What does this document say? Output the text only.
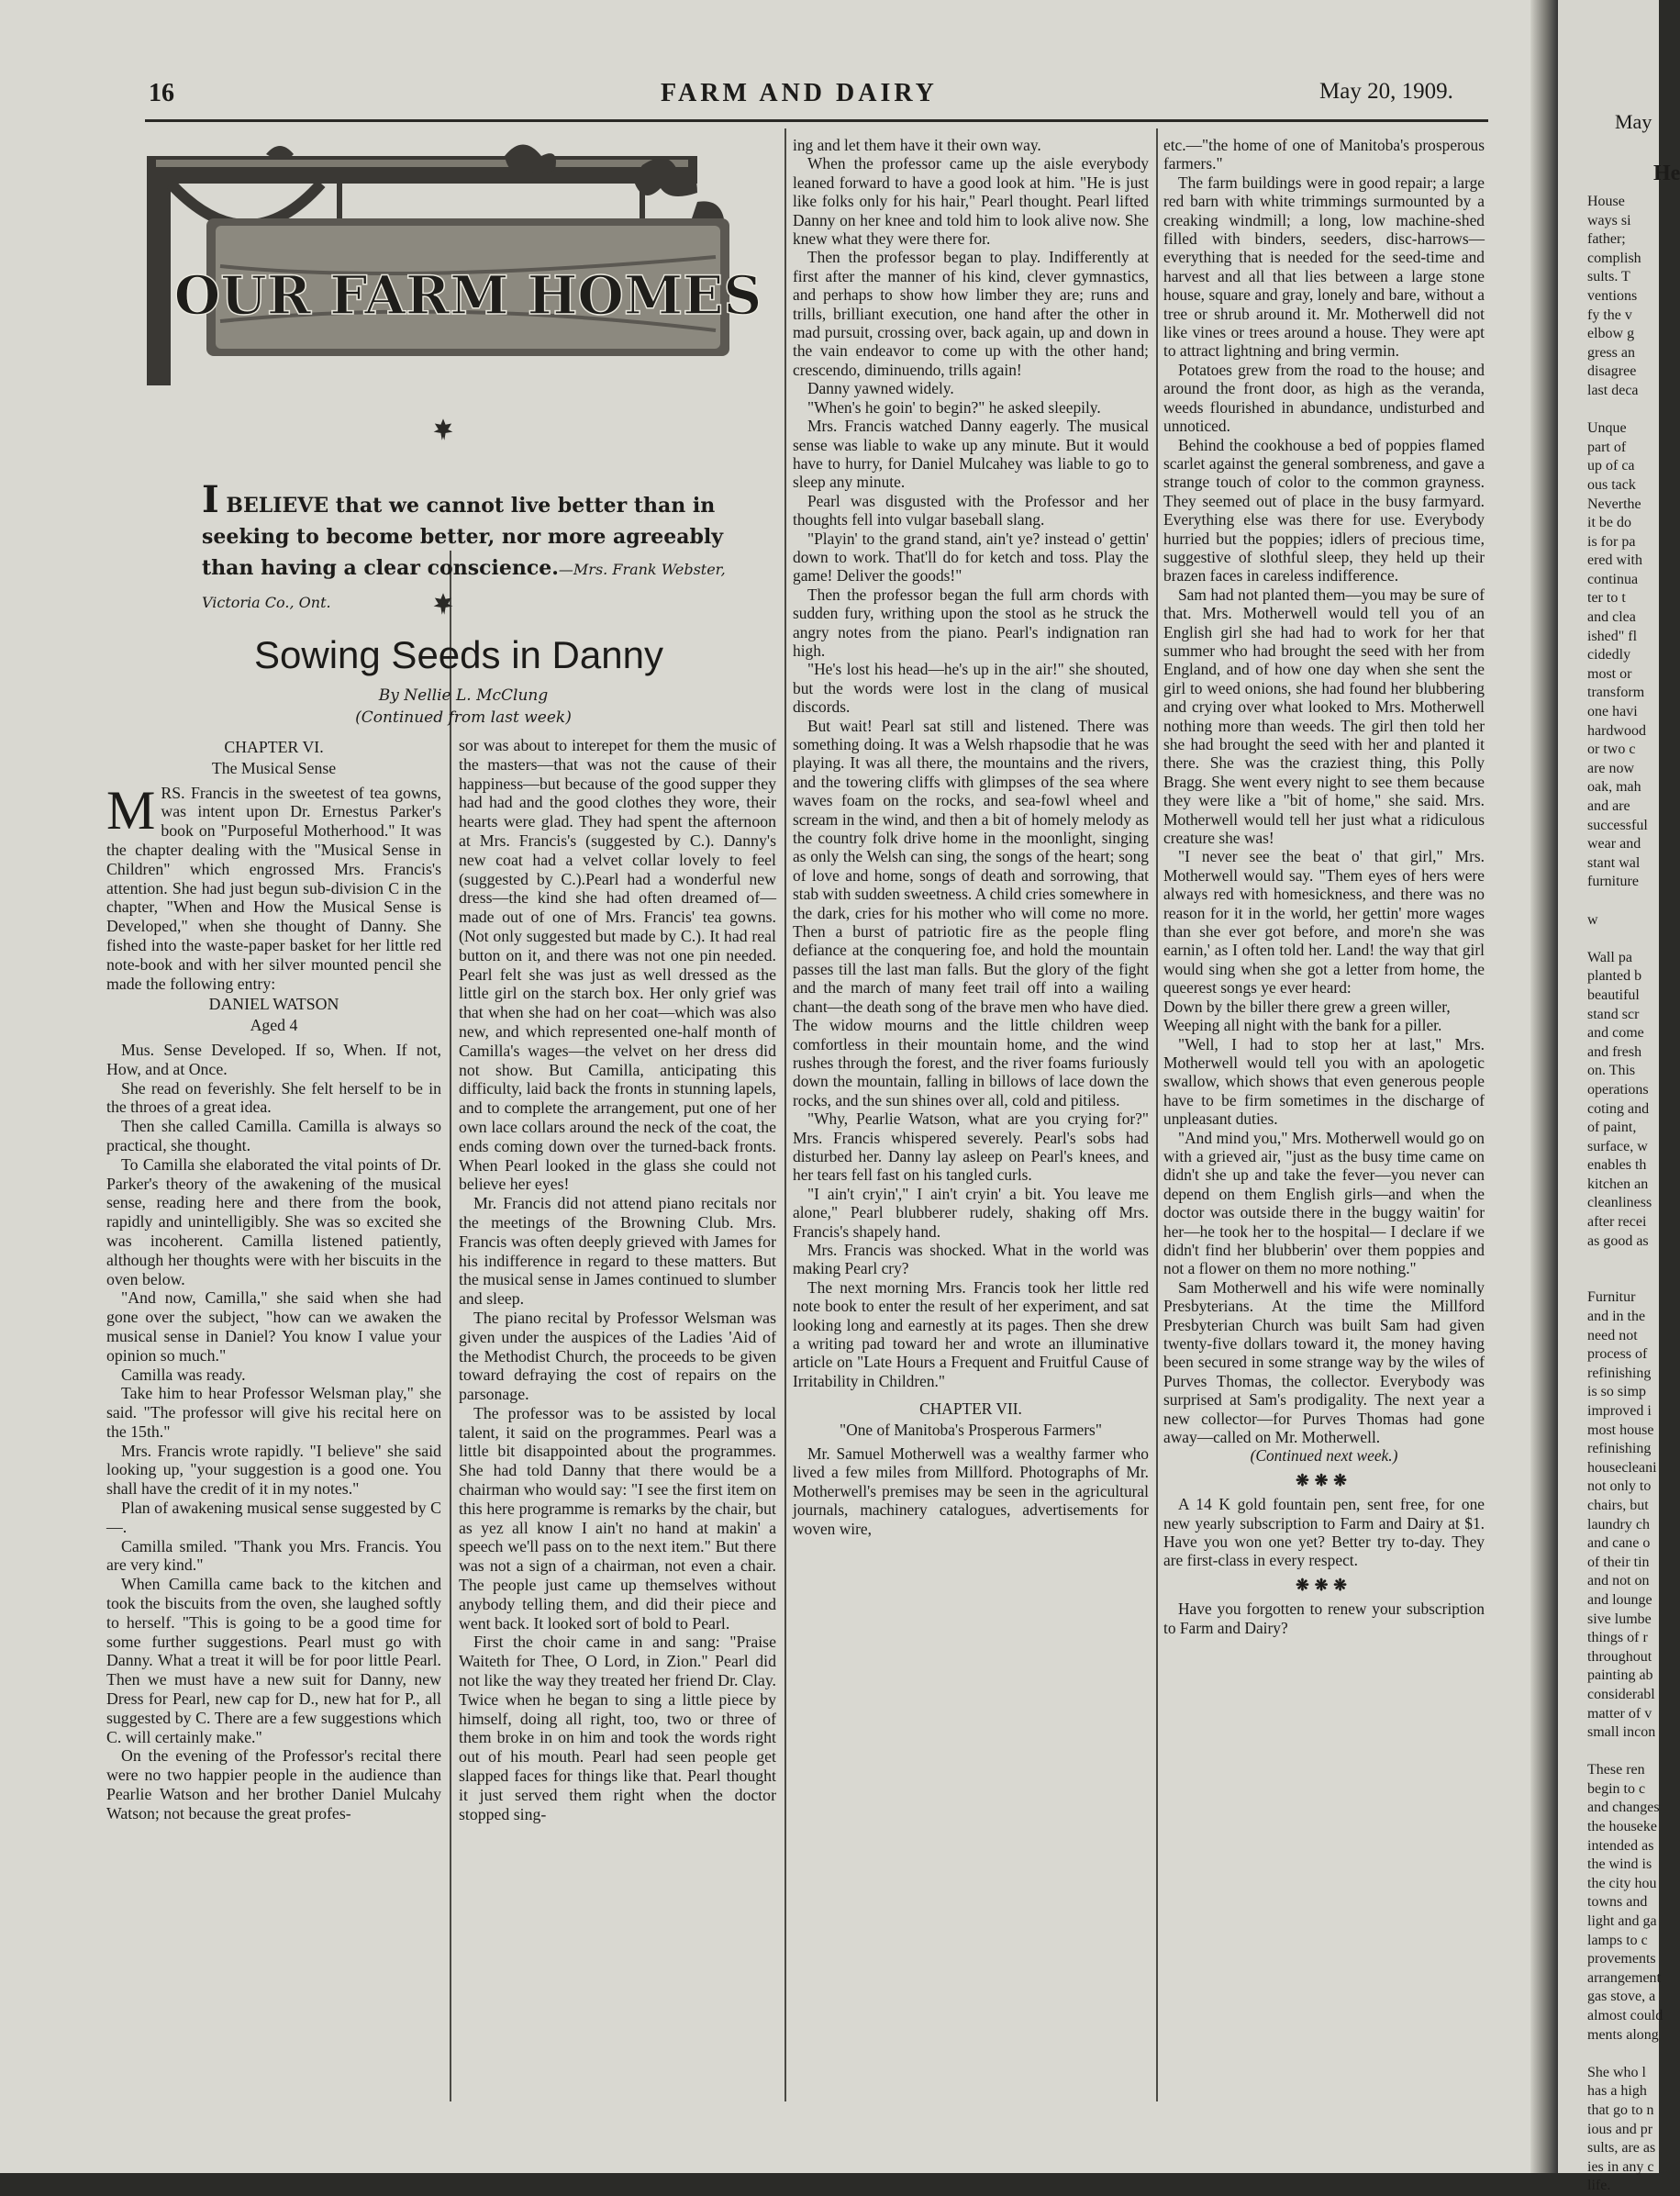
16	FARM AND DAIRY	May 20, 1909.
OUR FARM HOMES
I BELIEVE that we cannot live better than in seeking to become better, nor more agreeably than having a clear conscience.—Mrs. Frank Webster, Victoria Co., Ont.
Sowing Seeds in Danny
By Nellie L. McClung
(Continued from last week)
CHAPTER VI.
The Musical Sense

MRS. Francis in the sweetest of tea gowns, was intent upon Dr. Ernestus Parker's book on "Purposeful Motherhood." It was the chapter dealing with the "Musical Sense in Children" which engrossed Mrs. Francis's attention. She had just begun sub-division C in the chapter, "When and How the Musical Sense is Developed," when she thought of Danny. She fished into the waste-paper basket for her little red note-book and with her silver mounted pencil she made the following entry:

DANIEL WATSON
Aged 4

Mus. Sense Developed. If so, When. If not, How, and at Once.

She read on feverishly. She felt herself to be in the throes of a great idea.

Then she called Camilla. Camilla is always so practical, she thought.

To Camilla she elaborated the vital points of Dr. Parker's theory of the awakening of the musical sense, reading here and there from the book, rapidly and unintelligibly. She was so excited she was incoherent. Camilla listened patiently, although her thoughts were with her biscuits in the oven below.

"And now, Camilla," she said when she had gone over the subject, "how can we awaken the musical sense in Daniel? You know I value your opinion so much."

Camilla was ready.

Take him to hear Professor Welsman play," she said. "The professor will give his recital here on the 15th."

Mrs. Francis wrote rapidly. "I believe" she said looking up, "your suggestion is a good one. You shall have the credit of it in my notes."

Plan of awakening musical sense suggested by C—.

Camilla smiled. "Thank you Mrs. Francis. You are very kind."

When Camilla came back to the kitchen and took the biscuits from the oven, she laughed softly to herself. "This is going to be a good time for some further suggestions. Pearl must go with Danny. What a treat it will be for poor little Pearl. Then we must have a new suit for Danny, new Dress for Pearl, new cap for D., new hat for P., all suggested by C. There are a few suggestions which C. will certainly make."

On the evening of the Professor's recital there were no two happier people in the audience than Pearlie Watson and her brother Daniel Mulcahy Watson; not because the great profes-

sor was about to interepet for them the music of the masters—that was not the cause of their happiness—but because of the good supper they had had and the good clothes they wore, their hearts were glad. They had spent the afternoon at Mrs. Francis's (suggested by C.). Danny's new coat had a velvet collar lovely to feel (suggested by C.).Pearl had a wonderful new dress—the kind she had often dreamed of—made out of one of Mrs. Francis' tea gowns. (Not only suggested but made by C.). It had real button on it, and there was not one pin needed. Pearl felt she was just as well dressed as the little girl on the starch box. Her only grief was that when she had on her coat—which was also new, and which represented one-half month of Camilla's wages—the velvet on her dress did not show. But Camilla, anticipating this difficulty, laid back the fronts in stunning lapels, and to complete the arrangement, put one of her own lace collars around the neck of the coat, the ends coming down over the turned-back fronts. When Pearl looked in the glass she could not believe her eyes!

Mr. Francis did not attend piano recitals nor the meetings of the Browning Club. Mrs. Francis was often deeply grieved with James for his indifference in regard to these matters. But the musical sense in James continued to slumber and sleep.

The piano recital by Professor Welsman was given under the auspices of the Ladies 'Aid of the Methodist Church, the proceeds to be given toward defraying the cost of repairs on the parsonage.

The professor was to be assisted by local talent, it said on the programmes. Pearl was a little bit disappointed about the programmes. She had told Danny that there would be a chairman who would say: "I see the first item on this here programme is remarks by the chair, but as yez all know I ain't no hand at makin' a speech we'll pass on to the next item." But there was not a sign of a chairman, not even a chair. The people just came up themselves without anybody telling them, and did their piece and went back. It looked sort of bold to Pearl.

First the choir came in and sang: "Praise Waiteth for Thee, O Lord, in Zion." Pearl did not like the way they treated her friend Dr. Clay. Twice when he began to sing a little piece by himself, doing all right, too, two or three of them broke in on him and took the words right out of his mouth. Pearl had seen people get slapped faces for things like that. Pearl thought it just served them right when the doctor stopped sing-

ing and let them have it their own way.

When the professor came up the aisle everybody leaned forward to have a good look at him. "He is just like folks only for his hair," Pearl thought. Pearl lifted Danny on her knee and told him to look alive now. She knew what they were there for.

Then the professor began to play. Indifferently at first after the manner of his kind, clever gymnastics, and perhaps to show how limber they are; runs and trills, brilliant execution, one hand after the other in mad pursuit, crossing over, back again, up and down in the vain endeavor to come up with the other hand; crescendo, diminuendo, trills again!

Danny yawned widely.

"When's he goin' to begin?" he asked sleepily.

Mrs. Francis watched Danny eagerly. The musical sense was liable to wake up any minute. But it would have to hurry, for Daniel Mulcahey was liable to go to sleep any minute.

Pearl was disgusted with the Professor and her thoughts fell into vulgar baseball slang.

"Playin' to the grand stand, ain't ye? instead o' gettin' down to work. That'll do for ketch and toss. Play the game! Deliver the goods!"

Then the professor began the full arm chords with sudden fury, writhing upon the stool as he struck the angry notes from the piano. Pearl's indignation ran high.

"He's lost his head—he's up in the air!" she shouted, but the words were lost in the clang of musical discords.

But wait! Pearl sat still and listened. There was something doing. It was a Welsh rhapsodie that he was playing. It was all there, the mountains and the rivers, and the towering cliffs with glimpses of the sea where waves foam on the rocks, and sea-fowl wheel and scream in the wind, and then a bit of homely melody as the country folk drive home in the moonlight, singing as only the Welsh can sing, the songs of the heart; song of love and home, songs of death and sorrowing, that stab with sudden sweetness. A child cries somewhere in the dark, cries for his mother who will come no more. Then a burst of patriotic fire as the people fling defiance at the conquering foe, and hold the mountain passes till the last man falls. But the glory of the fight and the march of many feet trail off into a wailing chant—the death song of the brave men who have died. The widow mourns and the little children weep comfortless in their mountain home, and the wind rushes through the forest, and the river foams furiously down the mountain, falling in billows of lace down the rocks, and the sun shines over all, cold and pitiless.

"Why, Pearlie Watson, what are you crying for?" Mrs. Francis whispered severely. Pearl's sobs had disturbed her. Danny lay asleep on Pearl's knees, and her tears fell fast on his tangled curls.

"I ain't cryin'," I ain't cryin' a bit. You leave me alone," Pearl blubberer rudely, shaking off Mrs. Francis's shapely hand.

Mrs. Francis was shocked. What in the world was making Pearl cry?

The next morning Mrs. Francis took her little red note book to enter the result of her experiment, and sat looking long and earnestly at its pages. Then she drew a writing pad toward her and wrote an illuminative article on "Late Hours a Frequent and Fruitful Cause of Irritability in Children."

CHAPTER VII.
"One of Manitoba's Prosperous Farmers"

Mr. Samuel Motherwell was a wealthy farmer who lived a few miles from Millford. Photographs of Mr. Motherwell's premises may be seen in the agricultural journals, machinery catalogues, advertisements for woven wire,

etc.—"the home of one of Manitoba's prosperous farmers."

The farm buildings were in good repair; a large red barn with white trimmings surmounted by a creaking windmill; a long, low machine-shed filled with binders, seeders, disc-harrows—everything that is needed for the seed-time and harvest and all that lies between a large stone house, square and gray, lonely and bare, without a tree or shrub around it. Mr. Motherwell did not like vines or trees around a house. They were apt to attract lightning and bring vermin.

Potatoes grew from the road to the house; and around the front door, as high as the veranda, weeds flourished in abundance, undisturbed and unnoticed.

Behind the cookhouse a bed of poppies flamed scarlet against the general sombreness, and gave a strange touch of color to the common grayness. They seemed out of place in the busy farmyard. Everything else was there for use. Everybody hurried but the poppies; idlers of precious time, suggestive of slothful sleep, they held up their brazen faces in careless indifference.

Sam had not planted them—you may be sure of that. Mrs. Motherwell would tell you of an English girl she had had to work for her that summer who had brought the seed with her from England, and of how one day when she sent the girl to weed onions, she had found her blubbering and crying over what looked to Mrs. Motherwell nothing more than weeds. The girl then told her she had brought the seed with her and planted it there. She was the craziest thing, this Polly Bragg. She went every night to see them because they were like a "bit of home," she said. Mrs. Motherwell would tell her just what a ridiculous creature she was!

"I never see the beat o' that girl," Mrs. Motherwell would say. "Them eyes of hers were always red with homesickness, and there was no reason for it in the world, her gettin' more wages than she ever got before, and more'n she was earnin,' as I often told her. Land! the way that girl would sing when she got a letter from home, the queerest songs ye ever heard:

Down by the biller there grew a green willer,

Weeping all night with the bank for a piller.

"Well, I had to stop her at last," Mrs. Motherwell would tell you with an apologetic swallow, which shows that even generous people have to be firm sometimes in the discharge of unpleasant duties.

"And mind you," Mrs. Motherwell would go on with a grieved air, "just as the busy time came on didn't she up and take the fever—you never can depend on them English girls—and when the doctor was outside there in the buggy waitin' for her—he took her to the hospital— I declare if we didn't find her blubberin' over them poppies and not a flower on them no more nothing."

Sam Motherwell and his wife were nominally Presbyterians. At the time the Millford Presbyterian Church was built Sam had given twenty-five dollars toward it, the money having been secured in some strange way by the wiles of Purves Thomas, the collector. Everybody was surprised at Sam's prodigality. The next year a new collector—for Purves Thomas had gone away—called on Mr. Motherwell.

(Continued next week.)
❋❋❋

A 14 K gold fountain pen, sent free, for one new yearly subscription to Farm and Dairy at $1. Have you won one yet? Better try to-day. They are first-class in every respect.

❋❋❋

Have you forgotten to renew your subscription to Farm and Dairy?

May
He
House
ways si
father;
complish
sults. T
ventions
fy the v
elbow g
gress an
disagree
last deca
Unque
part of
up of ca
ous tack
Neverthe
it be do
is for pa
ered with
continua
ter to t
and clea
ished" fl
cidedly
most or
transform
one havi
hardwood
or two c
are now
oak, mah
and are
successful
wear and
stant wal
furniture
w
Wall pa
planted b
beautiful
stand scr
and come
and fresh
on. This
operations
coting and
of paint,
surface, w
enables th
kitchen an
cleanliness
after recei
as good as
Furnitur
and in the
need not
process of
refinishing
is so simp
improved i
most house
refinishing
housecleani
not only to
chairs, but
laundry ch
and cane o
of their tin
and not on
and lounge
sive lumbe
things of r
throughout
painting ab
considerabl
matter of v
small incon
These ren
begin to c
and changes
the houseke
intended as
the wind is
the city hou
towns and
light and ga
lamps to c
provements
arrangement
gas stove, a
almost could
ments along
She who l
has a high
that go to n
ious and pr
sults, are as
ies in any c
life.
